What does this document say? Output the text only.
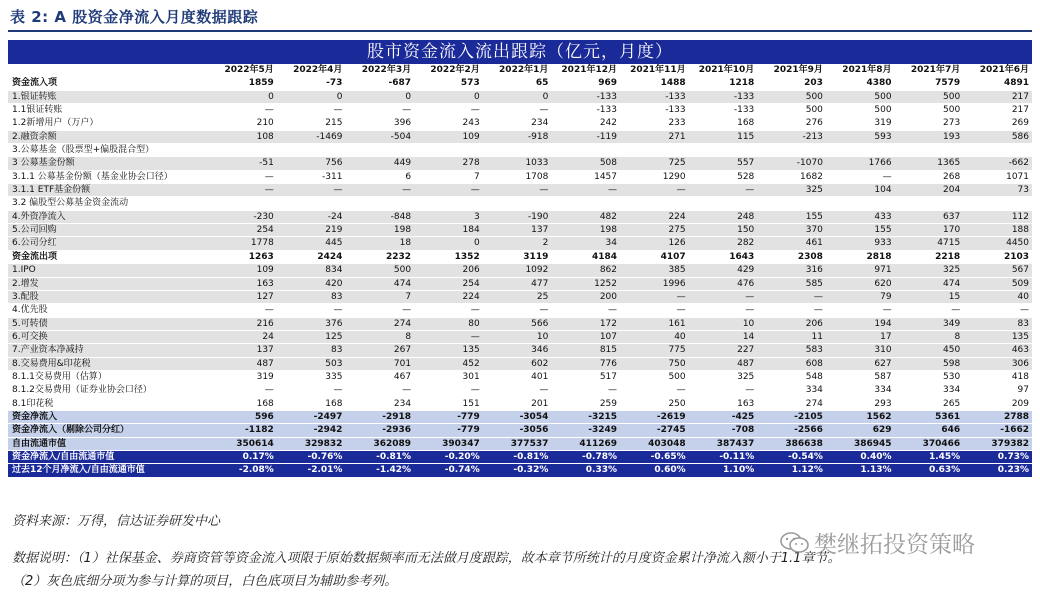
表 2: A 股资金净流入月度数据跟踪
股市资金流入流出跟踪（亿元，月度）
	2022年5月	2022年4月	2022年3月	2022年2月	2022年1月	2021年12月	2021年11月	2021年10月	2021年9月	2021年8月	2021年7月	2021年6月
资金流入项	1859	-73	-687	573	65	969	1488	1218	203	4380	7579	4891
1.银证转账	0	0	0	0	0	-133	-133	-133	500	500	500	217
1.1银证转账	—	—	—	—	—	-133	-133	-133	500	500	500	217
1.2新增用户（万户）	210	215	396	243	234	242	233	168	276	319	273	269
2.融资余额	108	-1469	-504	109	-918	-119	271	115	-213	593	193	586
3.公募基金（股票型+偏股混合型）												
3 公募基金份额	-51	756	449	278	1033	508	725	557	-1070	1766	1365	-662
3.1.1 公募基金份额（基金业协会口径）	—	-311	6	7	1708	1457	1290	528	1682	—	268	1071
3.1.1 ETF基金份额	—	—	—	—	—	—	—	—	325	104	204	73
3.2 偏股型公募基金资金流动												
4.外资净流入	-230	-24	-848	3	-190	482	224	248	155	433	637	112
5.公司回购	254	219	198	184	137	198	275	150	370	155	170	188
6.公司分红	1778	445	18	0	2	34	126	282	461	933	4715	4450
资金流出项	1263	2424	2232	1352	3119	4184	4107	1643	2308	2818	2218	2103
1.IPO	109	834	500	206	1092	862	385	429	316	971	325	567
2.增发	163	420	474	254	477	1252	1996	476	585	620	474	509
3.配股	127	83	7	224	25	200	—	—	—	79	15	40
4.优先股	—	—	—	—	—	—	—	—	—	—	—	—
5.可转债	216	376	274	80	566	172	161	10	206	194	349	83
6.可交换	24	125	8	—	10	107	40	14	11	17	8	135
7.产业资本净减持	137	83	267	135	346	815	775	227	583	310	450	463
8.交易费用&印花税	487	503	701	452	602	776	750	487	608	627	598	306
8.1.1交易费用（估算）	319	335	467	301	401	517	500	325	548	587	530	418
8.1.2交易费用（证券业协会口径）	—	—	—	—	—	—	—	—	334	334	334	97
8.1印花税	168	168	234	151	201	259	250	163	274	293	265	209
资金净流入	596	-2497	-2918	-779	-3054	-3215	-2619	-425	-2105	1562	5361	2788
资金净流入（剔除公司分红）	-1182	-2942	-2936	-779	-3056	-3249	-2745	-708	-2566	629	646	-1662
自由流通市值	350614	329832	362089	390347	377537	411269	403048	387437	386638	386945	370466	379382
资金净流入/自由流通市值	0.17%	-0.76%	-0.81%	-0.20%	-0.81%	-0.78%	-0.65%	-0.11%	-0.54%	0.40%	1.45%	0.73%
过去12个月净流入/自由流通市值	-2.08%	-2.01%	-1.42%	-0.74%	-0.32%	0.33%	0.60%	1.10%	1.12%	1.13%	0.63%	0.23%
资料来源：万得，信达证券研发中心
数据说明：（1）社保基金、券商资管等资金流入项限于原始数据频率而无法做月度跟踪，故本章节所统计的月度资金累计净流入额小于1.1章节。
（2）灰色底细分项为参与计算的项目，白色底项目为辅助参考列。
樊继拓投资策略
